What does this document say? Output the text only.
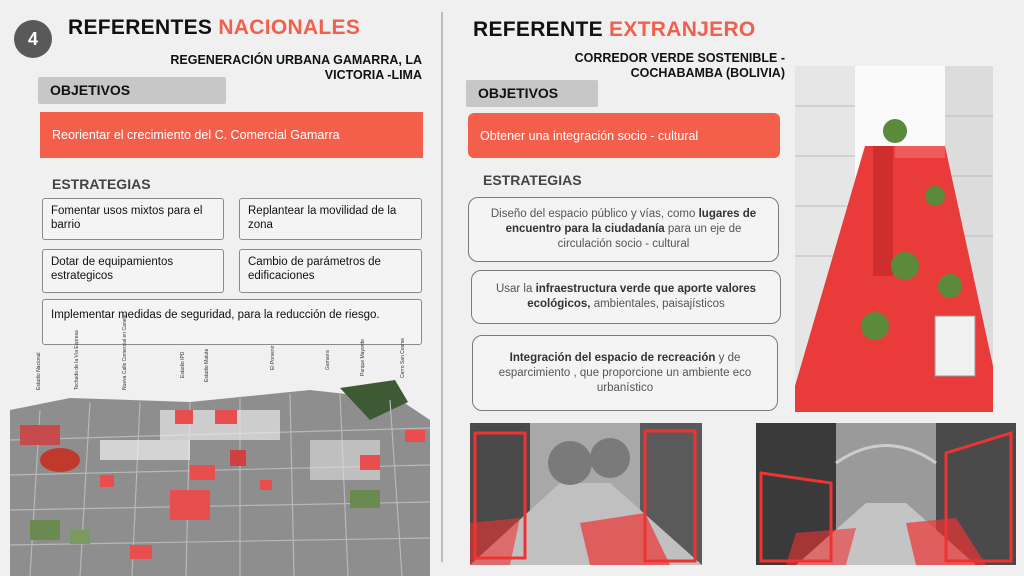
4	REFERENTES NACIONALES
REGENERACIÓN URBANA GAMARRA, LA
VICTORIA -LIMA
OBJETIVOS
Reorientar el crecimiento del C. Comercial Gamarra
ESTRATEGIAS
Fomentar usos mixtos para el barrio
Replantear la movilidad de la zona
Dotar de equipamientos estrategicos
Cambio de parámetros de edificaciones
Implementar medidas de seguridad, para la reducción de riesgo.
Estadio Nacional	Techado de la Vía Expresa	Nueva Calle Comercial en Canete	Estadio IPD	Estadio Matute	El Porvenir	Gamarra	Parque Mayorde	Cerro San Cosme
REFERENTE EXTRANJERO
CORREDOR VERDE SOSTENIBLE -
COCHABAMBA (BOLIVIA)
OBJETIVOS
Obtener una integración socio - cultural
ESTRATEGIAS
Diseño del espacio público y vías, como lugares de encuentro para la ciudadanía para un eje de circulación socio - cultural
Usar la infraestructura verde que aporte valores ecológicos, ambientales, paisajísticos
Integración del espacio de recreación y de esparcimiento , que proporcione un ambiente eco urbanístico
